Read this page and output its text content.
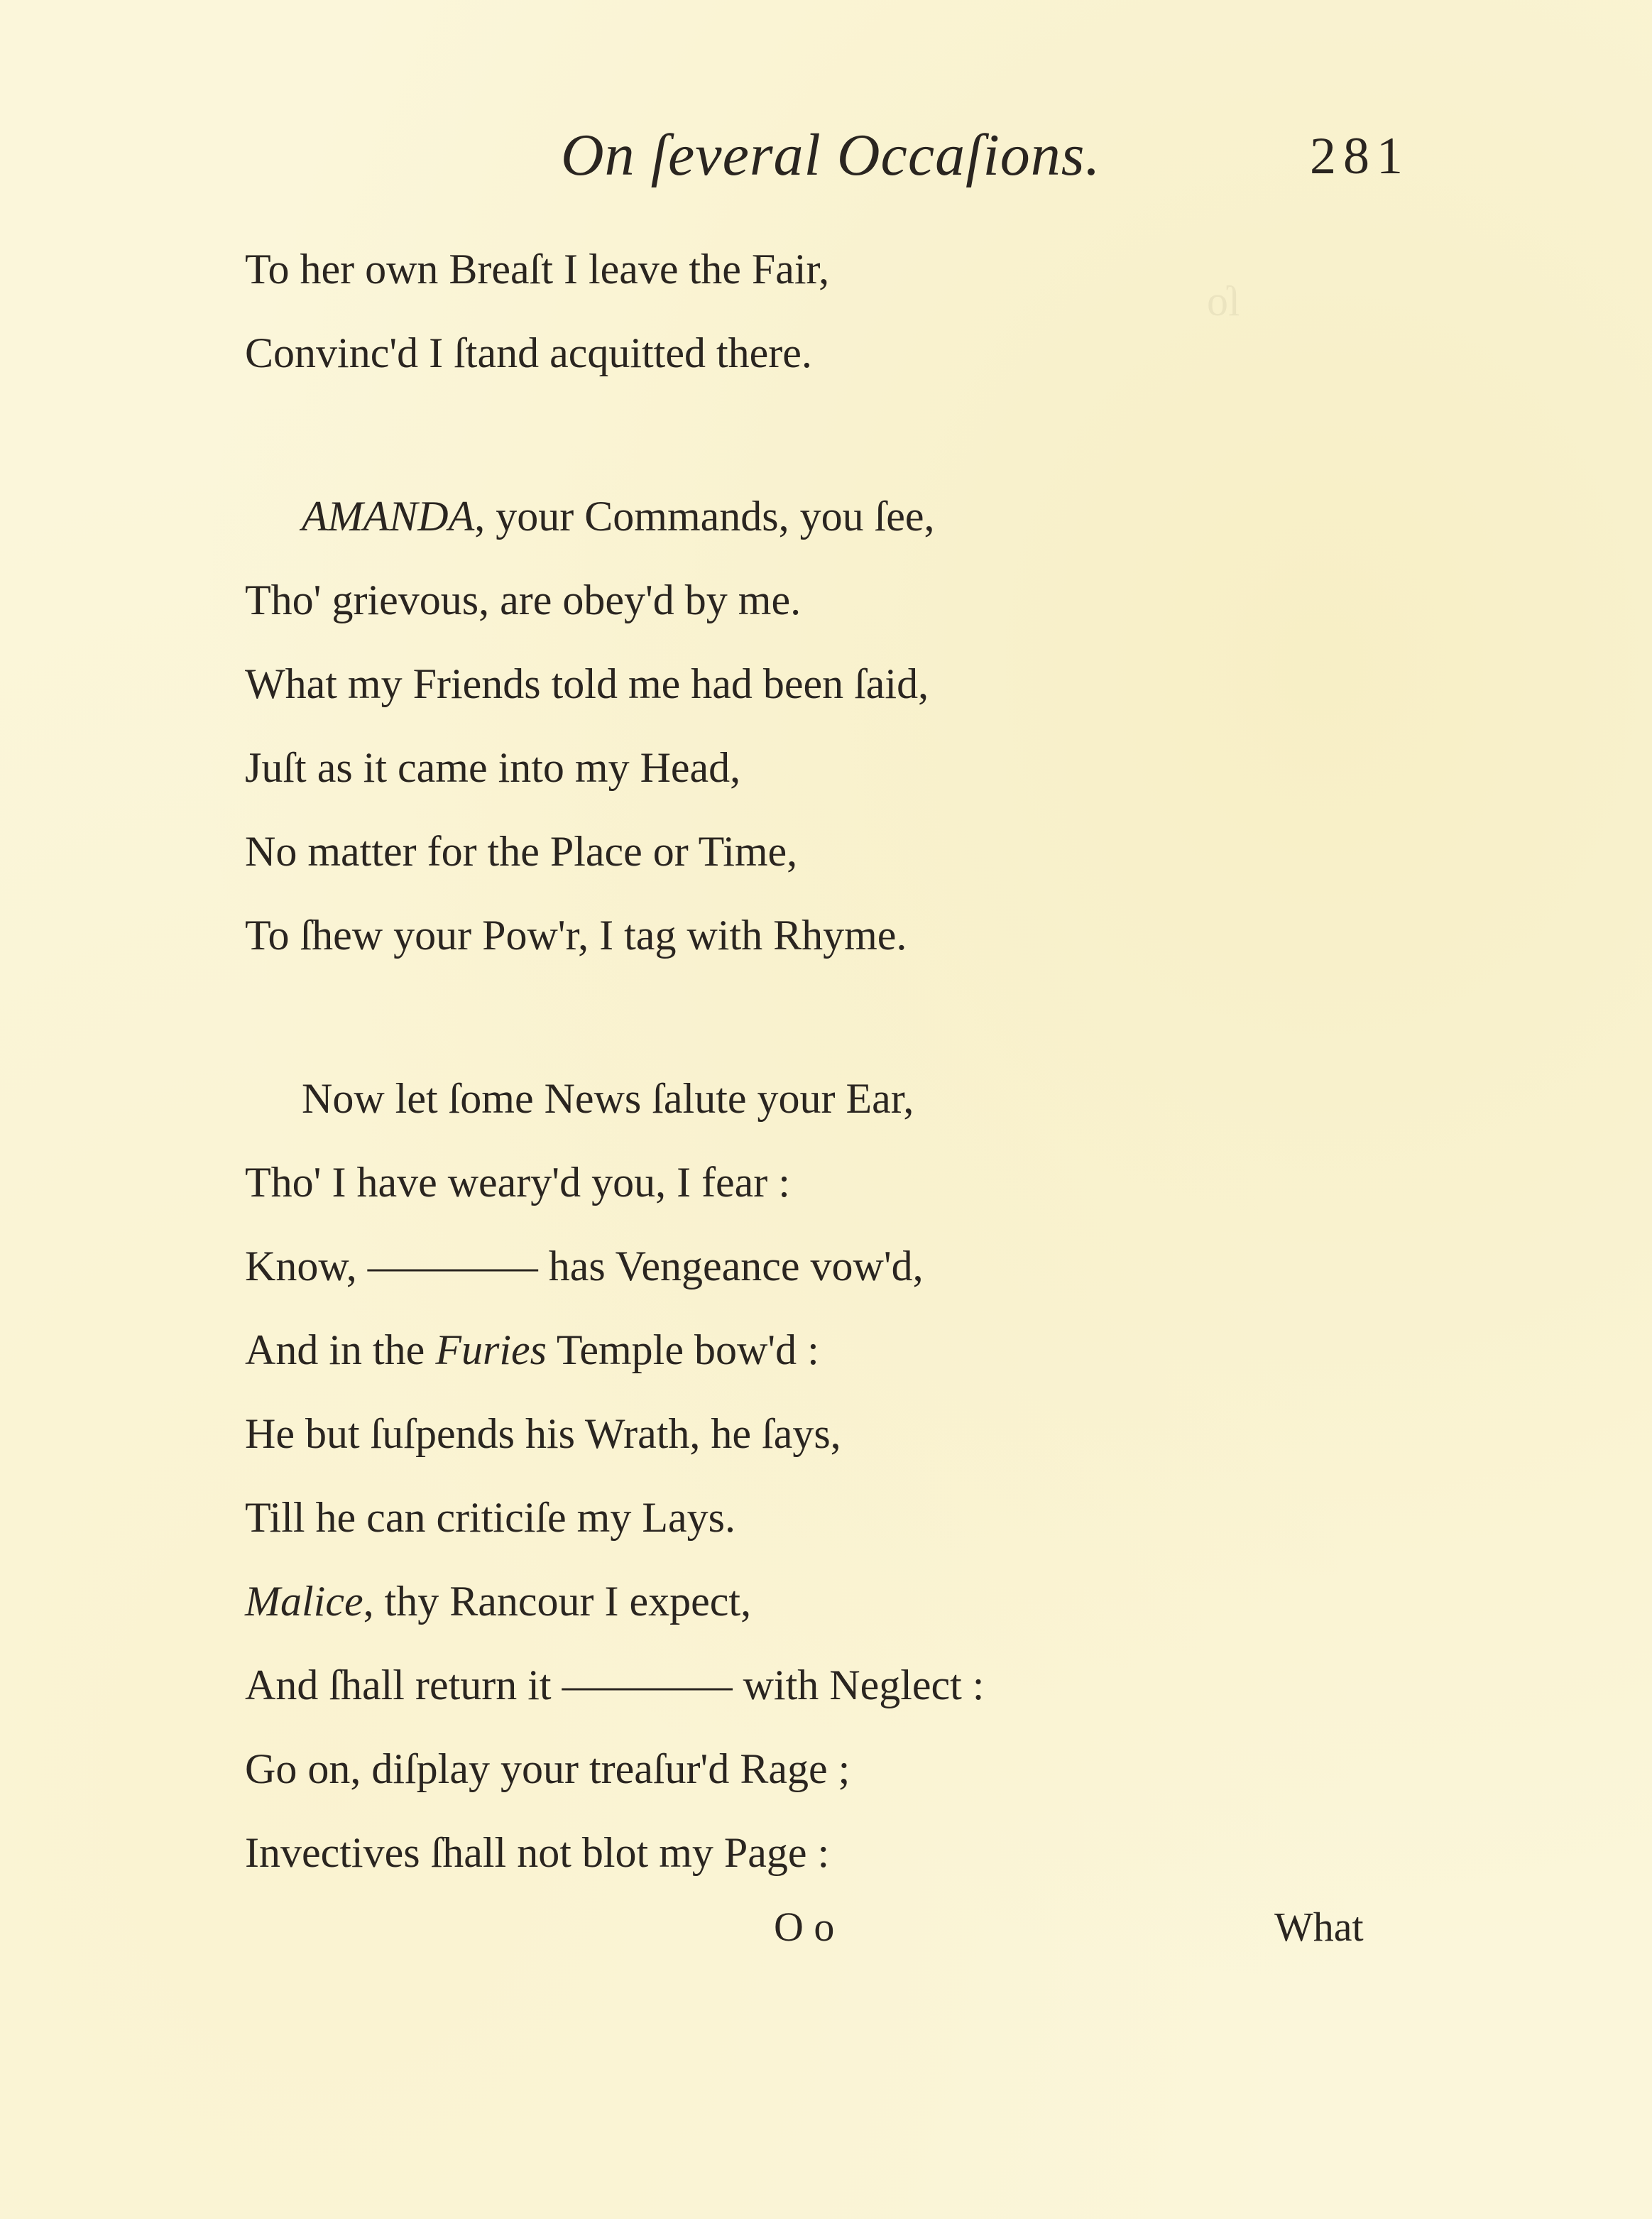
ſo
On ſeveral Occaſions.	281
To her own Breaſt I leave the Fair,
Convinc'd I ſtand acquitted there.
AMANDA, your Commands, you ſee,
Tho' grievous, are obey'd by me.
What my Friends told me had been ſaid,
Juſt as it came into my Head,
No matter for the Place or Time,
To ſhew your Pow'r, I tag with Rhyme.
Now let ſome News ſalute your Ear,
Tho' I have weary'd you, I fear :
Know, ———— has Vengeance vow'd,
And in the Furies Temple bow'd :
He but ſuſpends his Wrath, he ſays,
Till he can criticiſe my Lays.
Malice, thy Rancour I expect,
And ſhall return it ———— with Neglect :
Go on, diſplay your treaſur'd Rage ;
Invectives ſhall not blot my Page :
O o	What
